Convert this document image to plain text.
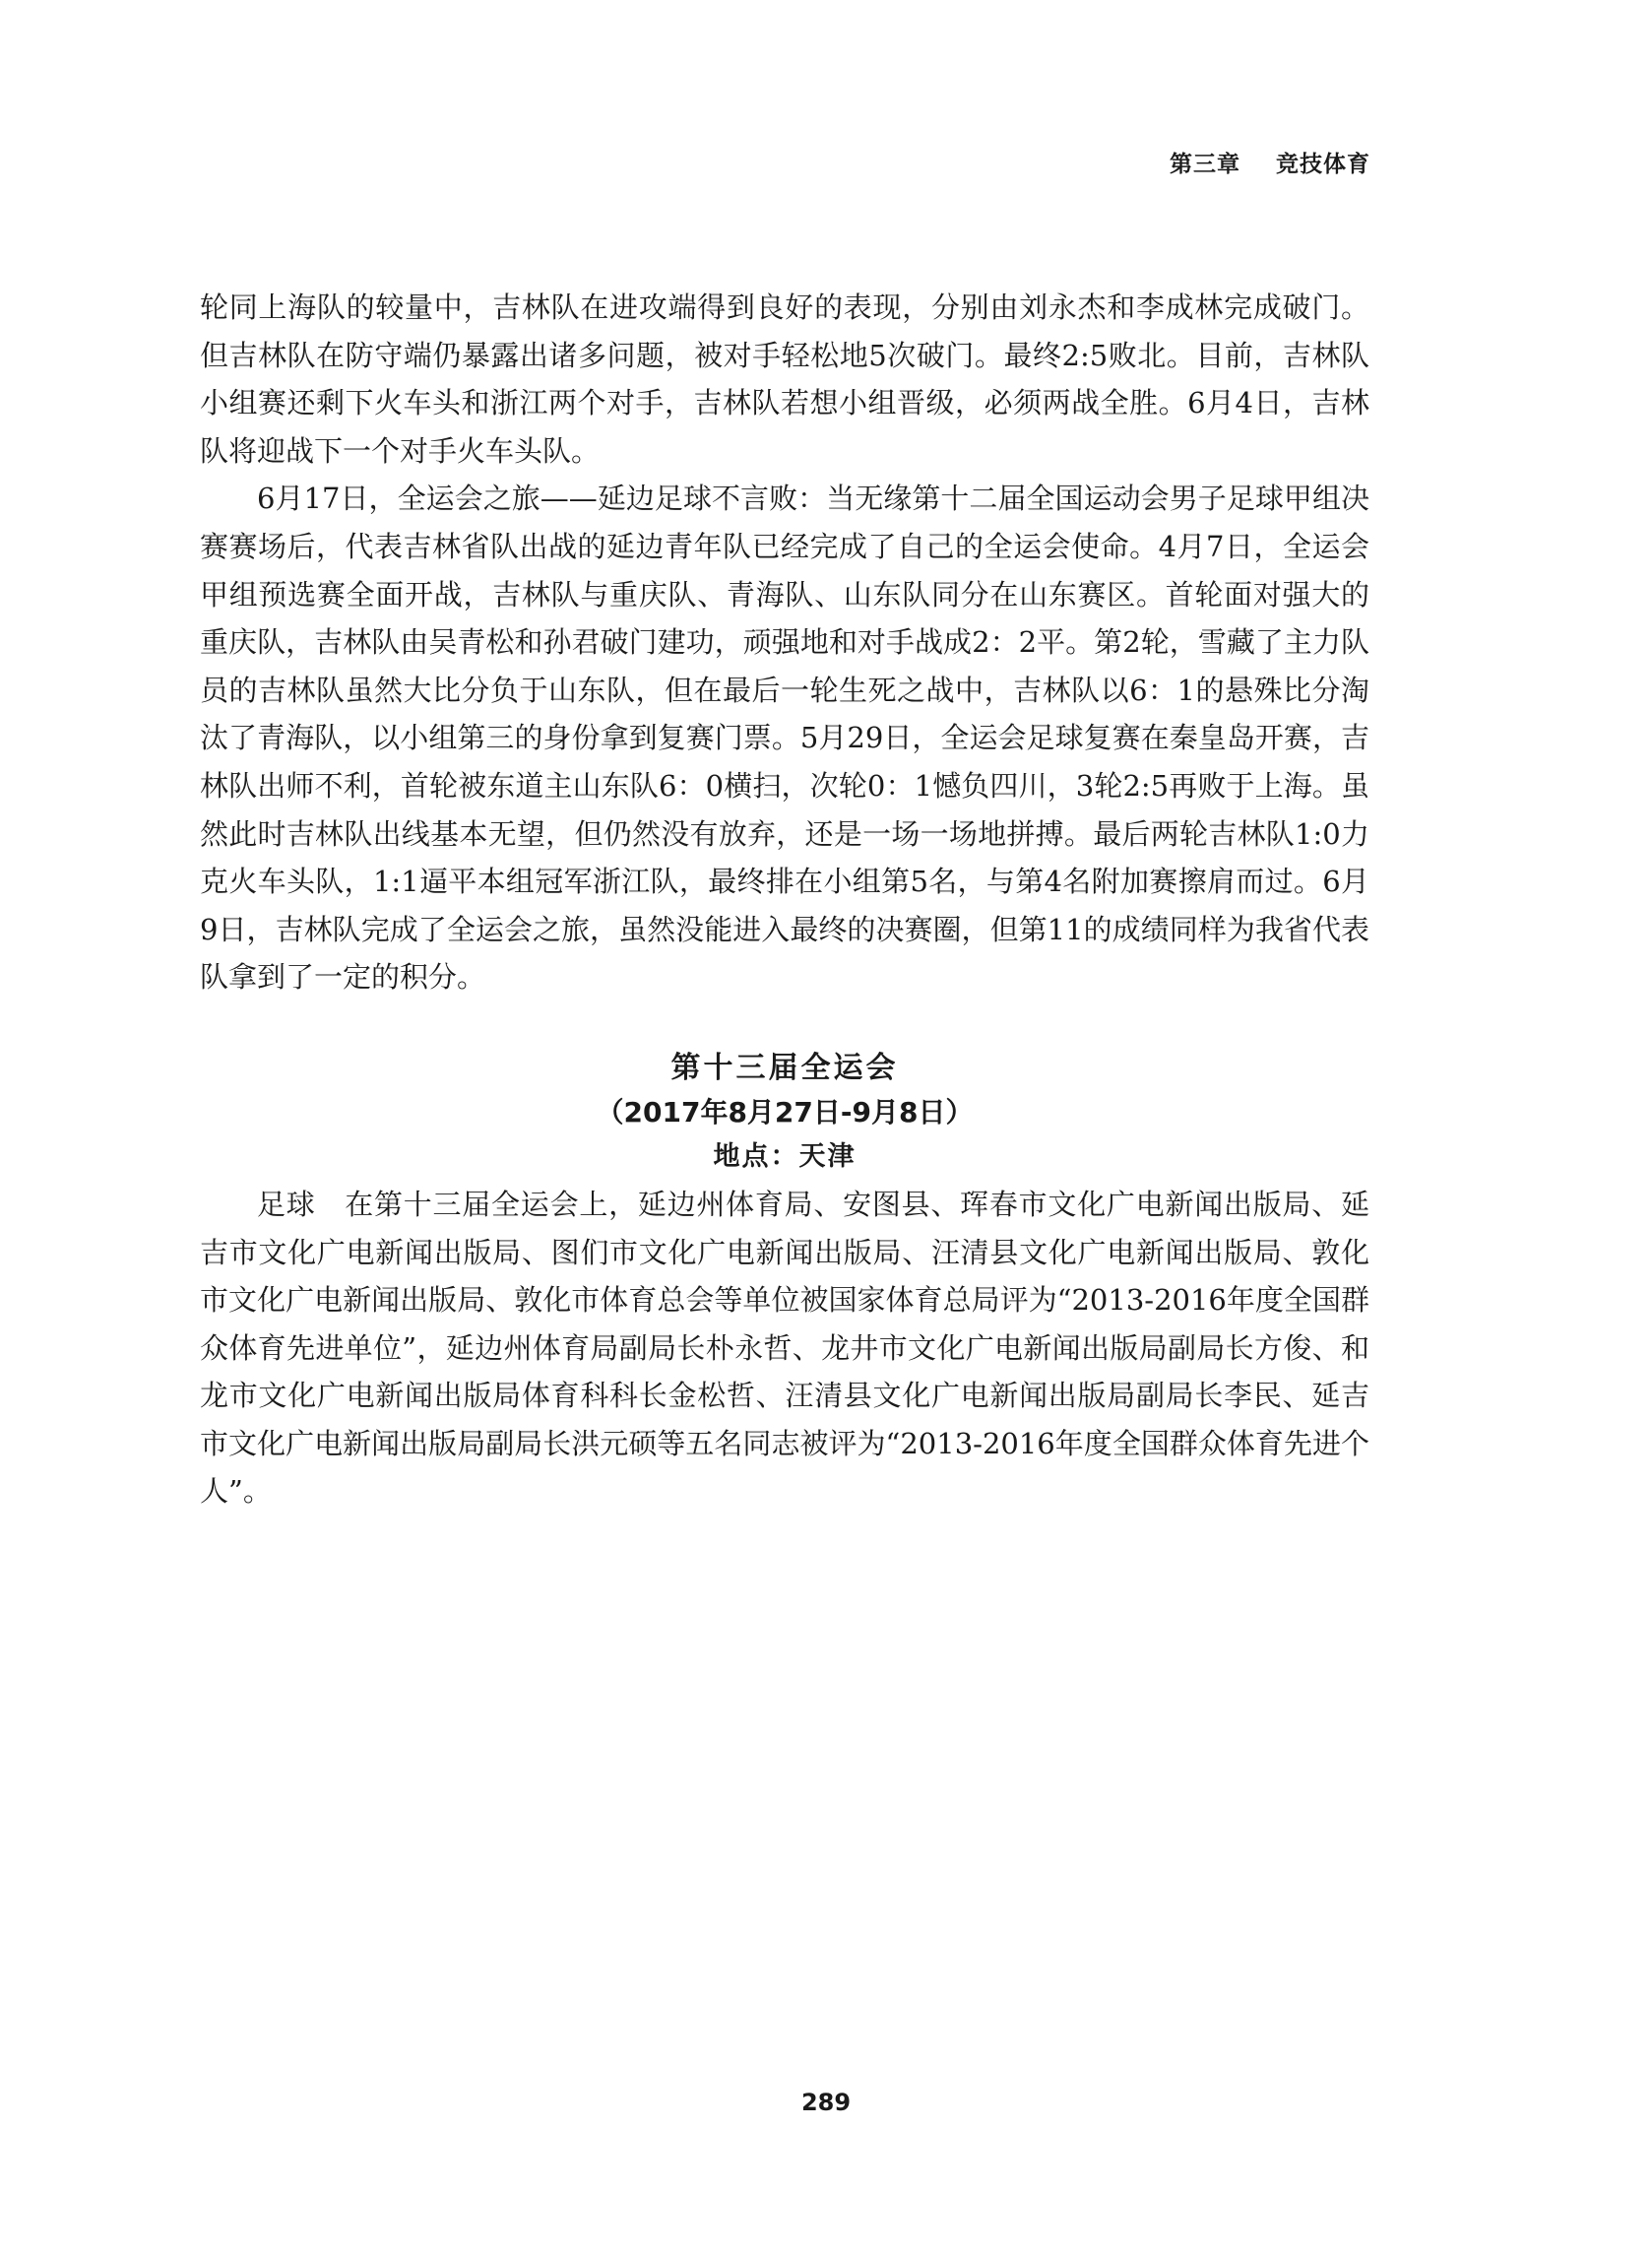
第三章 竞技体育

轮同上海队的较量中，吉林队在进攻端得到良好的表现，分别由刘永杰和李成林完成破门。但吉林队在防守端仍暴露出诸多问题，被对手轻松地5次破门。最终2:5败北。目前，吉林队小组赛还剩下火车头和浙江两个对手，吉林队若想小组晋级，必须两战全胜。6月4日，吉林队将迎战下一个对手火车头队。

6月17日，全运会之旅——延边足球不言败：当无缘第十二届全国运动会男子足球甲组决赛赛场后，代表吉林省队出战的延边青年队已经完成了自己的全运会使命。4月7日，全运会甲组预选赛全面开战，吉林队与重庆队、青海队、山东队同分在山东赛区。首轮面对强大的重庆队，吉林队由吴青松和孙君破门建功，顽强地和对手战成2：2平。第2轮，雪藏了主力队员的吉林队虽然大比分负于山东队，但在最后一轮生死之战中，吉林队以6：1的悬殊比分淘汰了青海队，以小组第三的身份拿到复赛门票。5月29日，全运会足球复赛在秦皇岛开赛，吉林队出师不利，首轮被东道主山东队6：0横扫，次轮0：1憾负四川，3轮2:5再败于上海。虽然此时吉林队出线基本无望，但仍然没有放弃，还是一场一场地拼搏。最后两轮吉林队1:0力克火车头队，1:1逼平本组冠军浙江队，最终排在小组第5名，与第4名附加赛擦肩而过。6月9日，吉林队完成了全运会之旅，虽然没能进入最终的决赛圈，但第11的成绩同样为我省代表队拿到了一定的积分。

第十三届全运会
（2017年8月27日-9月8日）
地点：天津

足球　在第十三届全运会上，延边州体育局、安图县、珲春市文化广电新闻出版局、延吉市文化广电新闻出版局、图们市文化广电新闻出版局、汪清县文化广电新闻出版局、敦化市文化广电新闻出版局、敦化市体育总会等单位被国家体育总局评为“2013-2016年度全国群众体育先进单位”，延边州体育局副局长朴永哲、龙井市文化广电新闻出版局副局长方俊、和龙市文化广电新闻出版局体育科科长金松哲、汪清县文化广电新闻出版局副局长李民、延吉市文化广电新闻出版局副局长洪元硕等五名同志被评为“2013-2016年度全国群众体育先进个人”。

289
